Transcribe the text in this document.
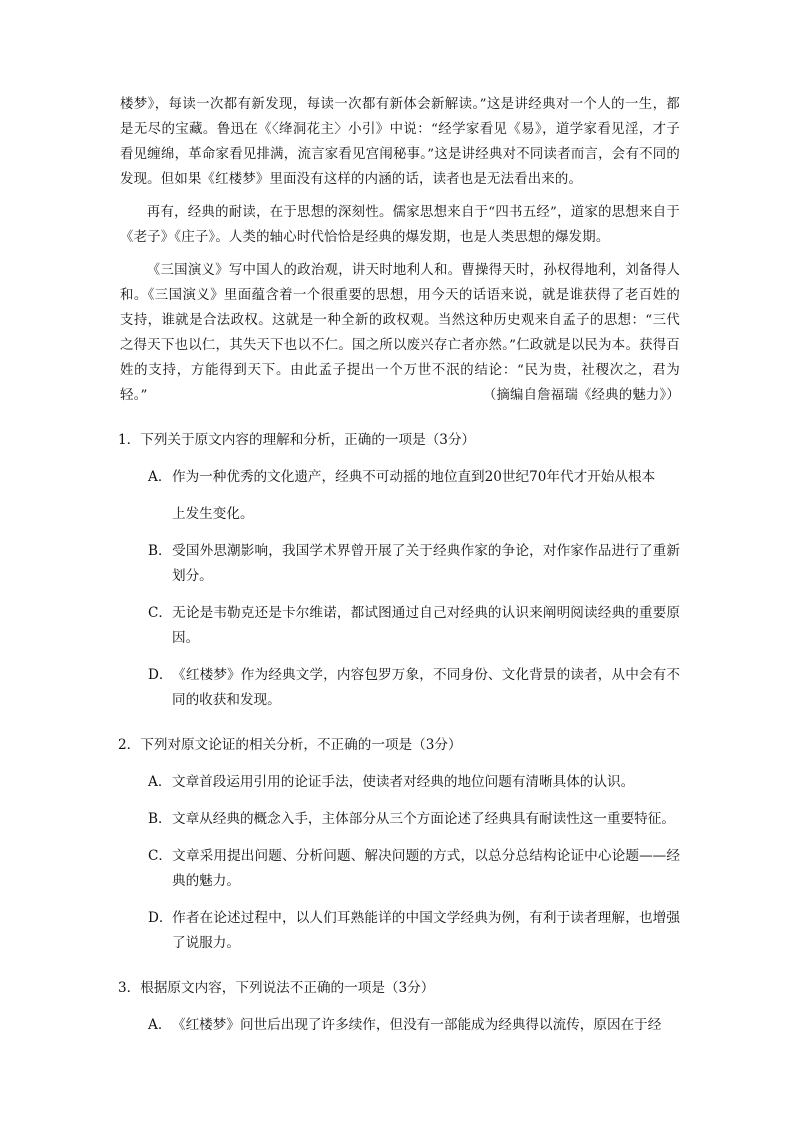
楼梦》，每读一次都有新发现，每读一次都有新体会新解读。”这是讲经典对一个人的一生，都是无尽的宝藏。鲁迅在《〈绛洞花主〉小引》中说：“经学家看见《易》，道学家看见淫，才子看见缠绵，革命家看见排满，流言家看见宫闱秘事。”这是讲经典对不同读者而言，会有不同的发现。但如果《红楼梦》里面没有这样的内涵的话，读者也是无法看出来的。

再有，经典的耐读，在于思想的深刻性。儒家思想来自于“四书五经”，道家的思想来自于《老子》《庄子》。人类的轴心时代恰恰是经典的爆发期，也是人类思想的爆发期。

《三国演义》写中国人的政治观，讲天时地利人和。曹操得天时，孙权得地利，刘备得人和。《三国演义》里面蕴含着一个很重要的思想，用今天的话语来说，就是谁获得了老百姓的支持，谁就是合法政权。这就是一种全新的政权观。当然这种历史观来自孟子的思想：“三代之得天下也以仁，其失天下也以不仁。国之所以废兴存亡者亦然。”仁政就是以民为本。获得百姓的支持，方能得到天下。由此孟子提出一个万世不泯的结论：“民为贵，社稷次之，君为轻。”	（摘编自詹福瑞《经典的魅力》）

1．下列关于原文内容的理解和分析，正确的一项是（3分）
A．作为一种优秀的文化遗产，经典不可动摇的地位直到20世纪70年代才开始从根本
上发生变化。
B．受国外思潮影响，我国学术界曾开展了关于经典作家的争论，对作家作品进行了重新划分。
C．无论是韦勒克还是卡尔维诺，都试图通过自己对经典的认识来阐明阅读经典的重要原因。
D．《红楼梦》作为经典文学，内容包罗万象，不同身份、文化背景的读者，从中会有不同的收获和发现。
2．下列对原文论证的相关分析，不正确的一项是（3分）
A．文章首段运用引用的论证手法，使读者对经典的地位问题有清晰具体的认识。
B．文章从经典的概念入手，主体部分从三个方面论述了经典具有耐读性这一重要特征。
C．文章采用提出问题、分析问题、解决问题的方式，以总分总结构论证中心论题——经典的魅力。
D．作者在论述过程中，以人们耳熟能详的中国文学经典为例，有利于读者理解，也增强了说服力。
3．根据原文内容，下列说法不正确的一项是（3分）
A．《红楼梦》问世后出现了许多续作，但没有一部能成为经典得以流传，原因在于经
